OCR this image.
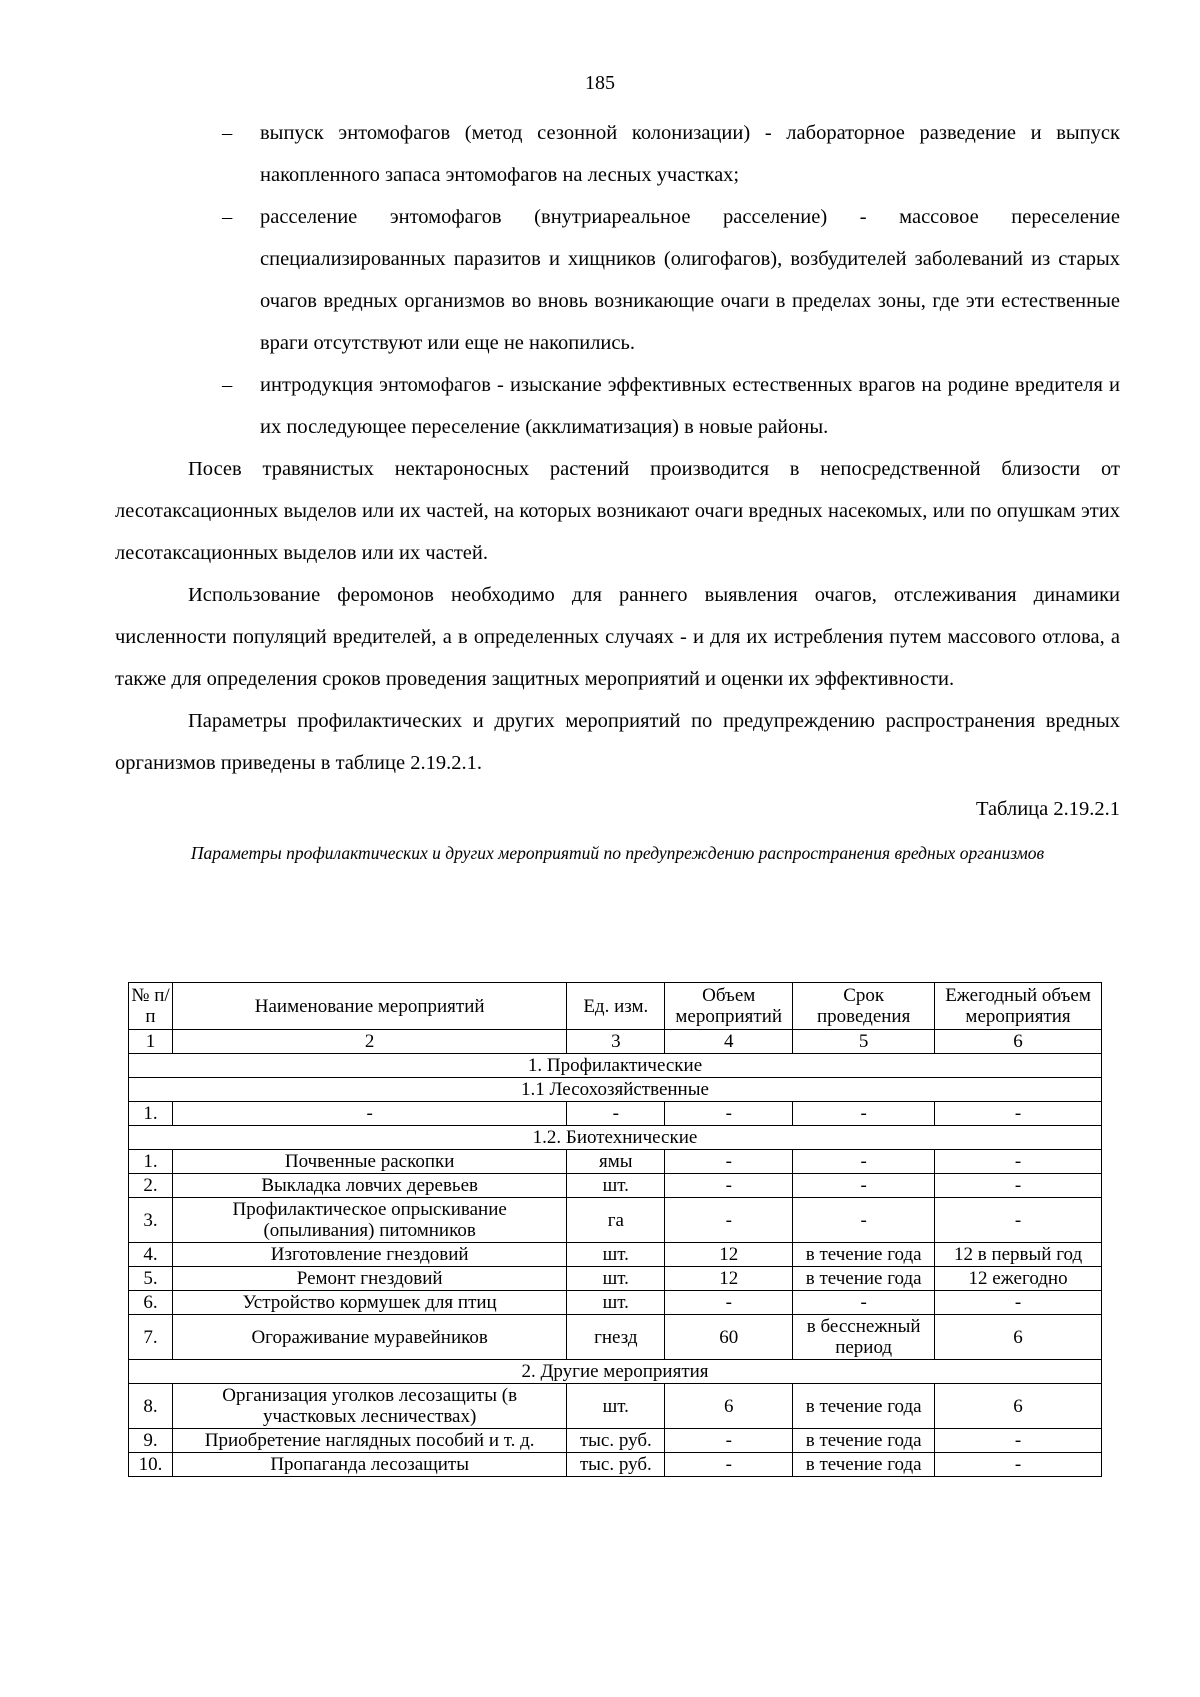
185
– выпуск энтомофагов (метод сезонной колонизации) - лабораторное разведение и выпуск накопленного запаса энтомофагов на лесных участках;
– расселение энтомофагов (внутриареальное расселение) - массовое переселение специализированных паразитов и хищников (олигофагов), возбудителей заболеваний из старых очагов вредных организмов во вновь возникающие очаги в пределах зоны, где эти естественные враги отсутствуют или еще не накопились.
– интродукция энтомофагов - изыскание эффективных естественных врагов на родине вредителя и их последующее переселение (акклиматизация) в новые районы.

Посев травянистых нектароносных растений производится в непосредственной близости от лесотаксационных выделов или их частей, на которых возникают очаги вредных насекомых, или по опушкам этих лесотаксационных выделов или их частей.

Использование феромонов необходимо для раннего выявления очагов, отслеживания динамики численности популяций вредителей, а в определенных случаях - и для их истребления путем массового отлова, а также для определения сроков проведения защитных мероприятий и оценки их эффективности.

Параметры профилактических и других мероприятий по предупреждению распространения вредных организмов приведены в таблице 2.19.2.1.

Таблица 2.19.2.1
Параметры профилактических и других мероприятий по предупреждению распространения вредных организмов
№ п/п	Наименование мероприятий	Ед. изм.	Объем мероприятий	Срок проведения	Ежегодный объем мероприятия
1	2	3	4	5	6
1. Профилактические					
1.1 Лесохозяйственные					
1.	-	-	-	-	-
1.2. Биотехнические					
1.	Почвенные раскопки	ямы	-	-	-
2.	Выкладка ловчих деревьев	шт.	-	-	-
3.	Профилактическое опрыскивание (опыливания) питомников	га	-	-	-
4.	Изготовление гнездовий	шт.	12	в течение года	12 в первый год
5.	Ремонт гнездовий	шт.	12	в течение года	12 ежегодно
6.	Устройство кормушек для птиц	шт.	-	-	-
7.	Огораживание муравейников	гнезд	60	в бесснежный период	6
2. Другие мероприятия					
8.	Организация уголков лесозащиты (в участковых лесничествах)	шт.	6	в течение года	6
9.	Приобретение наглядных пособий и т. д.	тыс. руб.	-	в течение года	-
10.	Пропаганда лесозащиты	тыс. руб.	-	в течение года	-
